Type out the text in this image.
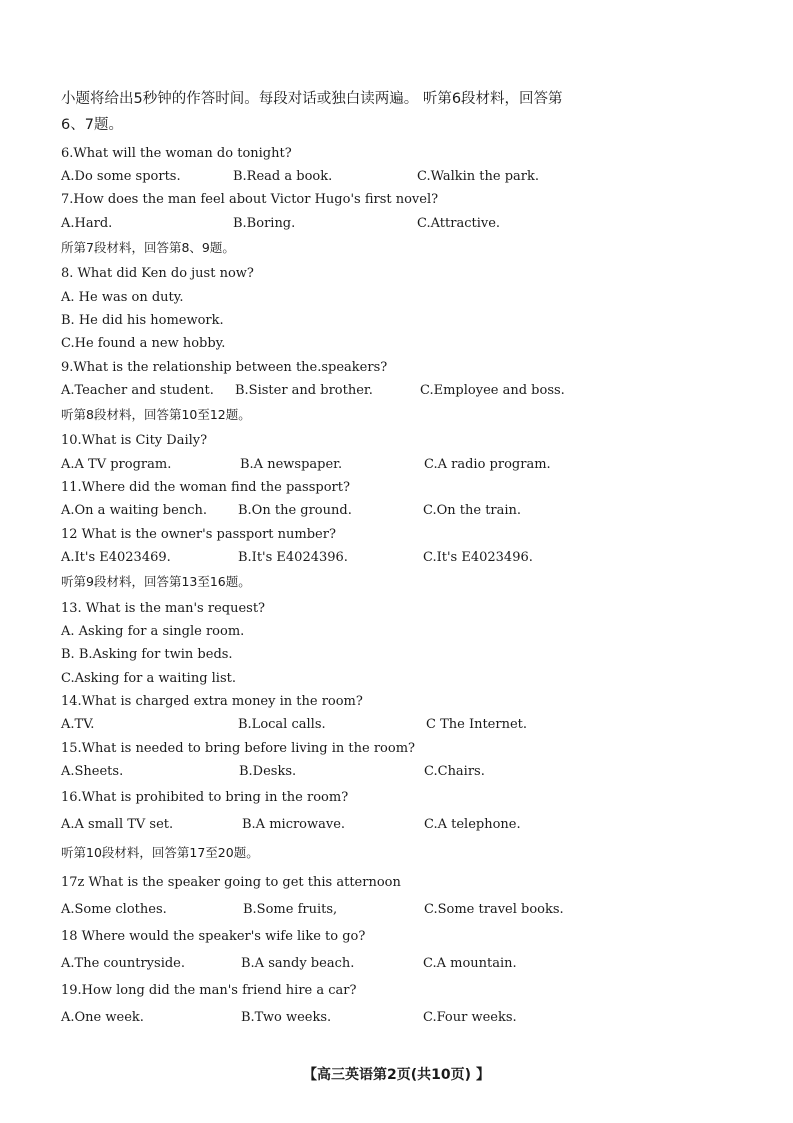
小题将给出5秒钟的作答时间。每段对话或独白读两遍。 听第6段材料，回答第
6、7题。
6.What will the woman do tonight?
A.Do some sports.	B.Read a book.	C.Walkin the park.
7.How does the man feel about Victor Hugo's first novel?
A.Hard.	B.Boring.	C.Attractive.
所第7段材料，回答第8、9题。
8. What did Ken do just now?
A. He was on duty.
B. He did his homework.
C.He found a new hobby.
9.What is the relationship between the.speakers?
A.Teacher and student. B.Sister and brother.	C.Employee and boss.
听第8段材料，回答第10至12题。
10.What is City Daily?
A.A TV program.	B.A newspaper.	C.A radio program.
11.Where did the woman find the passport?
A.On a waiting bench. B.On the ground.	C.On the train.
12 What is the owner's passport number?
A.It's E4023469.	B.It's E4024396.	C.It's E4023496.
听第9段材料，回答第13至16题。
13. What is the man's request?
A. Asking for a single room.
B. B.Asking for twin beds.
C.Asking for a waiting list.
14.What is charged extra money in the room?
A.TV.	B.Local calls.	C The Internet.
15.What is needed to bring before living in the room?
A.Sheets.	B.Desks.	C.Chairs.
16.What is prohibited to bring in the room?
A.A small TV set.	B.A microwave.	C.A telephone.
听第10段材料，回答第17至20题。
17z What is the speaker going to get this atternoon
A.Some clothes.	B.Some fruits,	C.Some travel books.
18 Where would the speaker's wife like to go?
A.The countryside.	B.A sandy beach.	C.A mountain.
19.How long did the man's friend hire a car?
A.One week.	B.Two weeks.	C.Four weeks.
【高三英语第2页(共10页) 】
